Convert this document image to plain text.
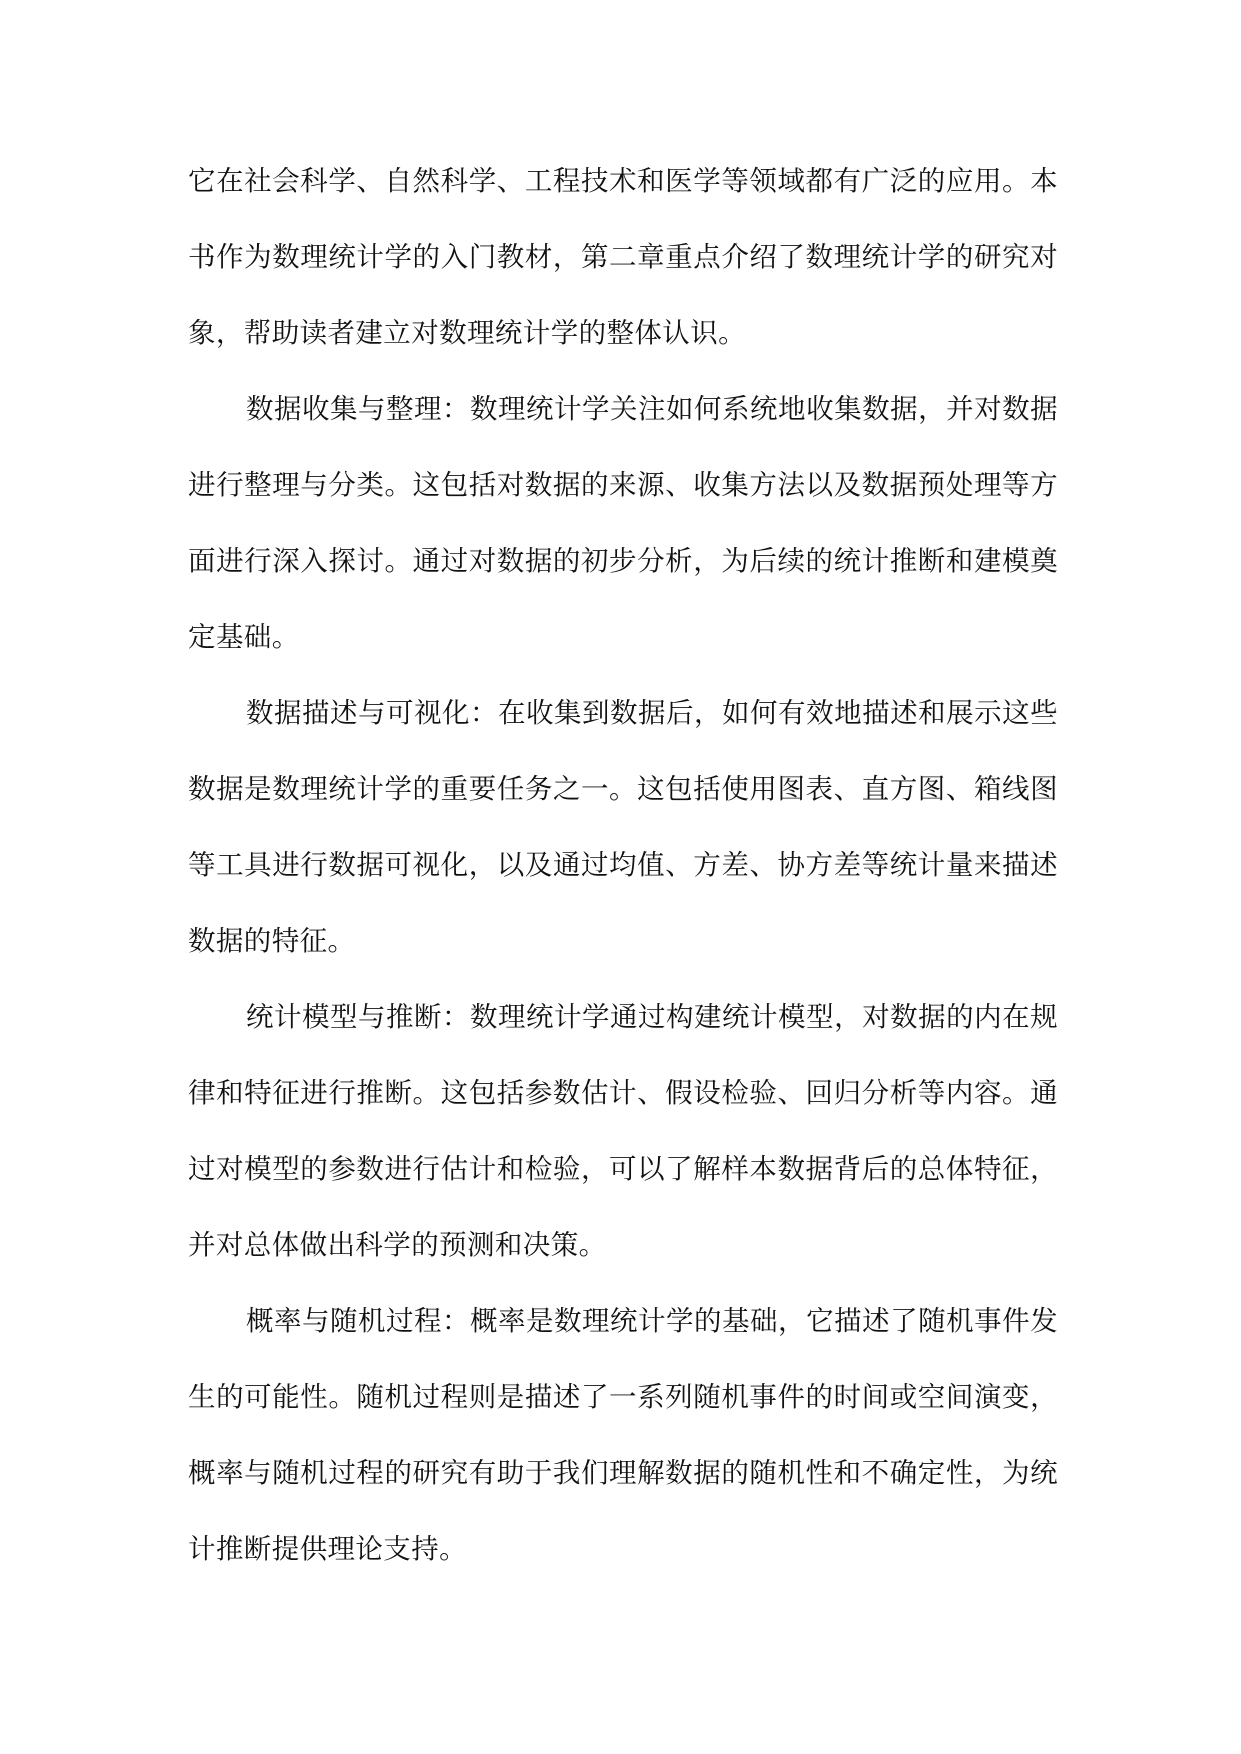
它在社会科学、自然科学、工程技术和医学等领域都有广泛的应用。本书作为数理统计学的入门教材，第二章重点介绍了数理统计学的研究对象，帮助读者建立对数理统计学的整体认识。

数据收集与整理：数理统计学关注如何系统地收集数据，并对数据进行整理与分类。这包括对数据的来源、收集方法以及数据预处理等方面进行深入探讨。通过对数据的初步分析，为后续的统计推断和建模奠定基础。

数据描述与可视化：在收集到数据后，如何有效地描述和展示这些数据是数理统计学的重要任务之一。这包括使用图表、直方图、箱线图等工具进行数据可视化，以及通过均值、方差、协方差等统计量来描述数据的特征。

统计模型与推断：数理统计学通过构建统计模型，对数据的内在规律和特征进行推断。这包括参数估计、假设检验、回归分析等内容。通过对模型的参数进行估计和检验，可以了解样本数据背后的总体特征，并对总体做出科学的预测和决策。

概率与随机过程：概率是数理统计学的基础，它描述了随机事件发生的可能性。随机过程则是描述了一系列随机事件的时间或空间演变，概率与随机过程的研究有助于我们理解数据的随机性和不确定性，为统计推断提供理论支持。
